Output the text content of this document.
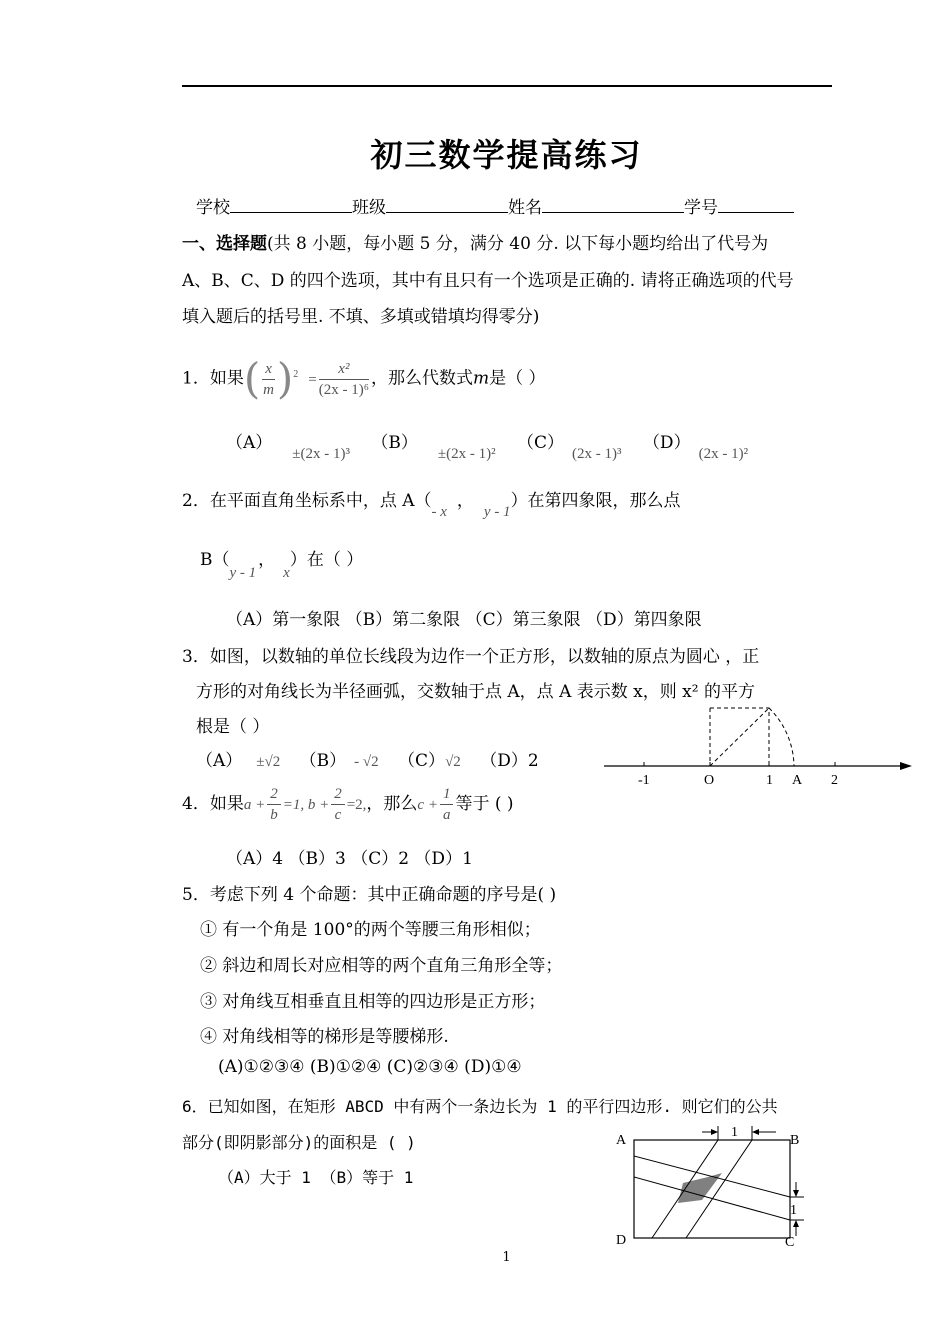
初三数学提高练习
学校	班级	姓名	学号
一、选择题(共 8 小题，每小题 5 分，满分 40 分. 以下每小题均给出了代号为
A、B、C、D 的四个选项，其中有且只有一个选项是正确的. 请将正确选项的代号
填入题后的括号里. 不填、多填或错填均得零分)
1．如果( $\frac{x}{m} )^2 = \frac{\text{x²}}{\text{(2x - 1)⁶}}$ ，那么代数式m是（ ）
（A）±(2x - 1)³ （B）±(2x - 1)² （C）(2x - 1)³ （D）(2x - 1)²
2．在平面直角坐标系中，点 A（- x，y - 1）在第四象限，那么点
B（y - 1，x）在（ ）
（A）第一象限 （B）第二象限 （C）第三象限 （D）第四象限
3．如图，以数轴的单位长线段为边作一个正方形，以数轴的原点为圆心 ，正
方形的对角线长为半径画弧，交数轴于点 A，点 A 表示数 x，则 x² 的平方
根是（ ）
（A） ±√2 （B） - √2 （C）√2 （D）2
-1	O	1 A 2
4．如果$a + \frac{2}{b} =1$, $b + \frac{2}{c} =2$,，那么$c + \frac{1}{a}$ 等于 ( )
（A）4 （B）3 （C）2 （D）1
5．考虑下列 4 个命题：其中正确命题的序号是( )
① 有一个角是 100°的两个等腰三角形相似；
② 斜边和周长对应相等的两个直角三角形全等；
③ 对角线互相垂直且相等的四边形是正方形；
④ 对角线相等的梯形是等腰梯形.
(A)①②③④ (B)①②④ (C)②③④ (D)①④
6．已知如图，在矩形 ABCD 中有两个一条边长为 1 的平行四边形. 则它们的公共
部分(即阴影部分)的面积是 ( )
（A）大于 1 （B）等于 1
A	B
C
D
1
1
1
